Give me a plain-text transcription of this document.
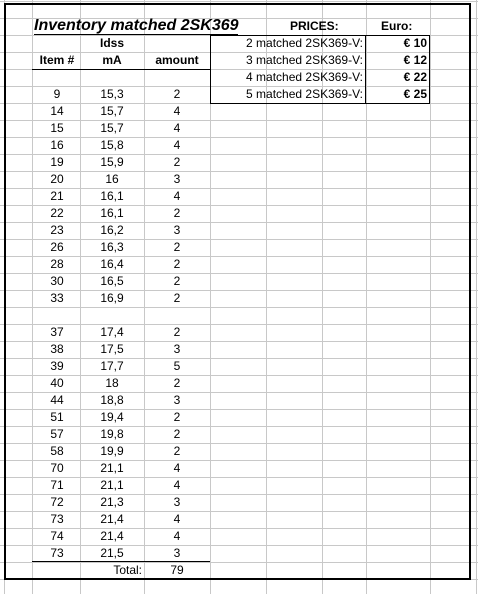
Inventory matched 2SK369	PRICES:	Euro:
2 matched 2SK369-V:	€ 10
3 matched 2SK369-V:	€ 12
4 matched 2SK369-V:	€ 22
5 matched 2SK369-V:	€ 25
Idss
Item #	mA	amount
9	15,3	2
14	15,7	4
15	15,7	4
16	15,8	4
19	15,9	2
20	16	3
21	16,1	4
22	16,1	2
23	16,2	3
26	16,3	2
28	16,4	2
30	16,5	2
33	16,9	2
37	17,4	2
38	17,5	3
39	17,7	5
40	18	2
44	18,8	3
51	19,4	2
57	19,8	2
58	19,9	2
70	21,1	4
71	21,1	4
72	21,3	3
73	21,4	4
74	21,4	4
73	21,5	3
Total:	79
